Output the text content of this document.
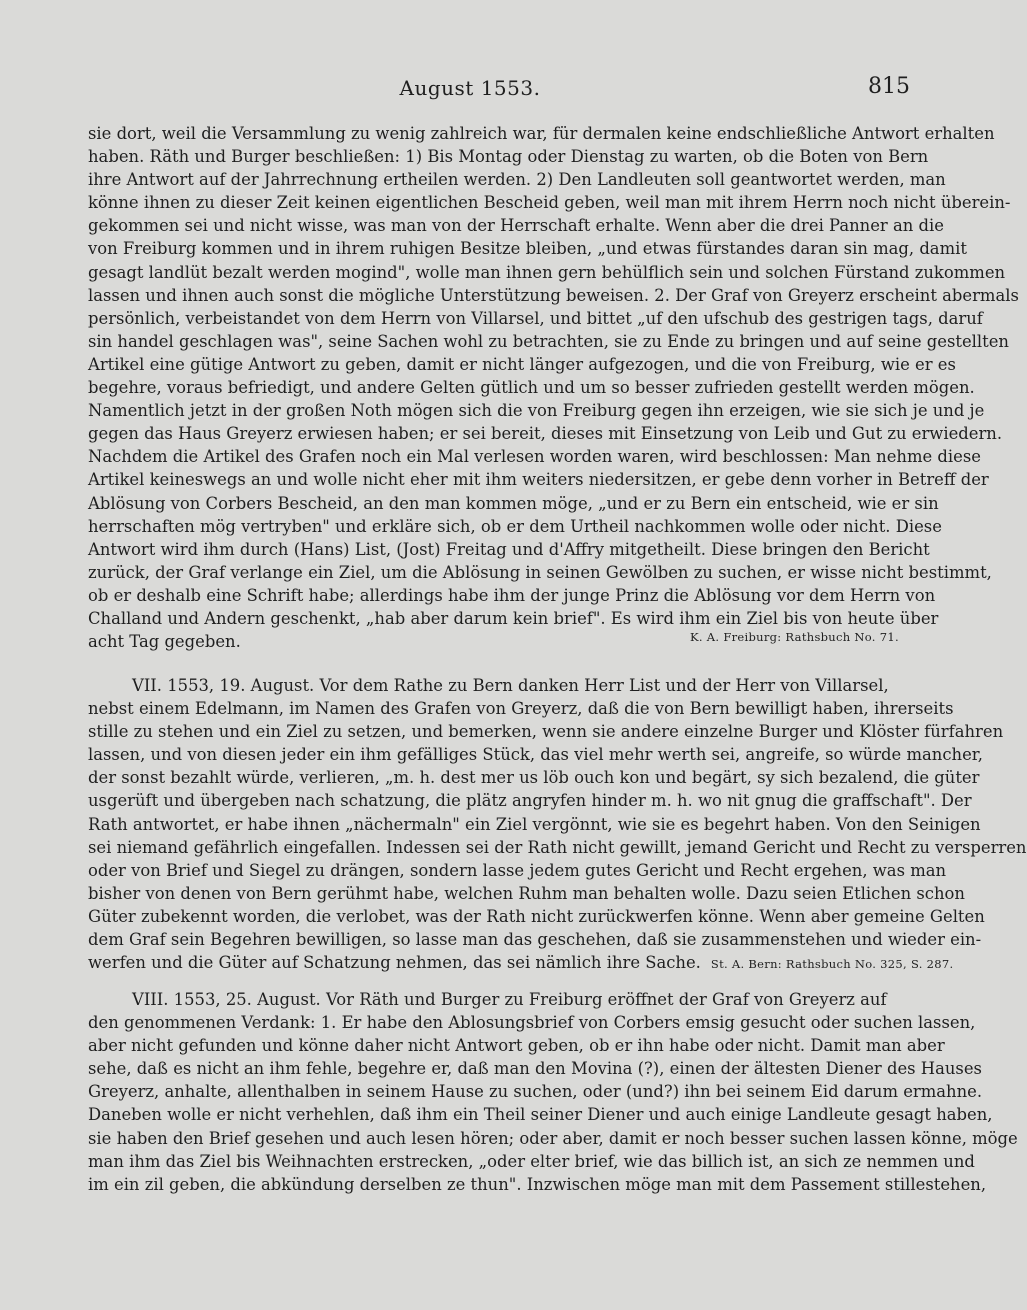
August 1553.	815
sie dort, weil die Versammlung zu wenig zahlreich war, für dermalen keine endschließliche Antwort erhalten
haben. Räth und Burger beschließen: 1) Bis Montag oder Dienstag zu warten, ob die Boten von Bern
ihre Antwort auf der Jahrrechnung ertheilen werden. 2) Den Landleuten soll geantwortet werden, man
könne ihnen zu dieser Zeit keinen eigentlichen Bescheid geben, weil man mit ihrem Herrn noch nicht überein-
gekommen sei und nicht wisse, was man von der Herrschaft erhalte. Wenn aber die drei Panner an die
von Freiburg kommen und in ihrem ruhigen Besitze bleiben, „und etwas fürstandes daran sin mag, damit
gesagt landlüt bezalt werden mogind", wolle man ihnen gern behülflich sein und solchen Fürstand zukommen
lassen und ihnen auch sonst die mögliche Unterstützung beweisen. 2. Der Graf von Greyerz erscheint abermals
persönlich, verbeistandet von dem Herrn von Villarsel, und bittet „uf den ufschub des gestrigen tags, daruf
sin handel geschlagen was", seine Sachen wohl zu betrachten, sie zu Ende zu bringen und auf seine gestellten
Artikel eine gütige Antwort zu geben, damit er nicht länger aufgezogen, und die von Freiburg, wie er es
begehre, voraus befriedigt, und andere Gelten gütlich und um so besser zufrieden gestellt werden mögen.
Namentlich jetzt in der großen Noth mögen sich die von Freiburg gegen ihn erzeigen, wie sie sich je und je
gegen das Haus Greyerz erwiesen haben; er sei bereit, dieses mit Einsetzung von Leib und Gut zu erwiedern.
Nachdem die Artikel des Grafen noch ein Mal verlesen worden waren, wird beschlossen: Man nehme diese
Artikel keineswegs an und wolle nicht eher mit ihm weiters niedersitzen, er gebe denn vorher in Betreff der
Ablösung von Corbers Bescheid, an den man kommen möge, „und er zu Bern ein entscheid, wie er sin
herrschaften mög vertryben" und erkläre sich, ob er dem Urtheil nachkommen wolle oder nicht. Diese
Antwort wird ihm durch (Hans) List, (Jost) Freitag und d'Affry mitgetheilt. Diese bringen den Bericht
zurück, der Graf verlange ein Ziel, um die Ablösung in seinen Gewölben zu suchen, er wisse nicht bestimmt,
ob er deshalb eine Schrift habe; allerdings habe ihm der junge Prinz die Ablösung vor dem Herrn von
Challand und Andern geschenkt, „hab aber darum kein brief". Es wird ihm ein Ziel bis von heute über
acht Tag gegeben.	K. A. Freiburg: Rathsbuch No. 71.
VII. 1553, 19. August. Vor dem Rathe zu Bern danken Herr List und der Herr von Villarsel,
nebst einem Edelmann, im Namen des Grafen von Greyerz, daß die von Bern bewilligt haben, ihrerseits
stille zu stehen und ein Ziel zu setzen, und bemerken, wenn sie andere einzelne Burger und Klöster fürfahren
lassen, und von diesen jeder ein ihm gefälliges Stück, das viel mehr werth sei, angreife, so würde mancher,
der sonst bezahlt würde, verlieren, „m. h. dest mer us löb ouch kon und begärt, sy sich bezalend, die güter
usgerüft und übergeben nach schatzung, die plätz angryfen hinder m. h. wo nit gnug die graffschaft". Der
Rath antwortet, er habe ihnen „nächermaln" ein Ziel vergönnt, wie sie es begehrt haben. Von den Seinigen
sei niemand gefährlich eingefallen. Indessen sei der Rath nicht gewillt, jemand Gericht und Recht zu versperren
oder von Brief und Siegel zu drängen, sondern lasse jedem gutes Gericht und Recht ergehen, was man
bisher von denen von Bern gerühmt habe, welchen Ruhm man behalten wolle. Dazu seien Etlichen schon
Güter zubekennt worden, die verlobet, was der Rath nicht zurückwerfen könne. Wenn aber gemeine Gelten
dem Graf sein Begehren bewilligen, so lasse man das geschehen, daß sie zusammenstehen und wieder ein-
werfen und die Güter auf Schatzung nehmen, das sei nämlich ihre Sache. St. A. Bern: Rathsbuch No. 325, S. 287.
VIII. 1553, 25. August. Vor Räth und Burger zu Freiburg eröffnet der Graf von Greyerz auf
den genommenen Verdank: 1. Er habe den Ablosungsbrief von Corbers emsig gesucht oder suchen lassen,
aber nicht gefunden und könne daher nicht Antwort geben, ob er ihn habe oder nicht. Damit man aber
sehe, daß es nicht an ihm fehle, begehre er, daß man den Movina (?), einen der ältesten Diener des Hauses
Greyerz, anhalte, allenthalben in seinem Hause zu suchen, oder (und?) ihn bei seinem Eid darum ermahne.
Daneben wolle er nicht verhehlen, daß ihm ein Theil seiner Diener und auch einige Landleute gesagt haben,
sie haben den Brief gesehen und auch lesen hören; oder aber, damit er noch besser suchen lassen könne, möge
man ihm das Ziel bis Weihnachten erstrecken, „oder elter brief, wie das billich ist, an sich ze nemmen und
im ein zil geben, die abkündung derselben ze thun". Inzwischen möge man mit dem Passement stillestehen,
